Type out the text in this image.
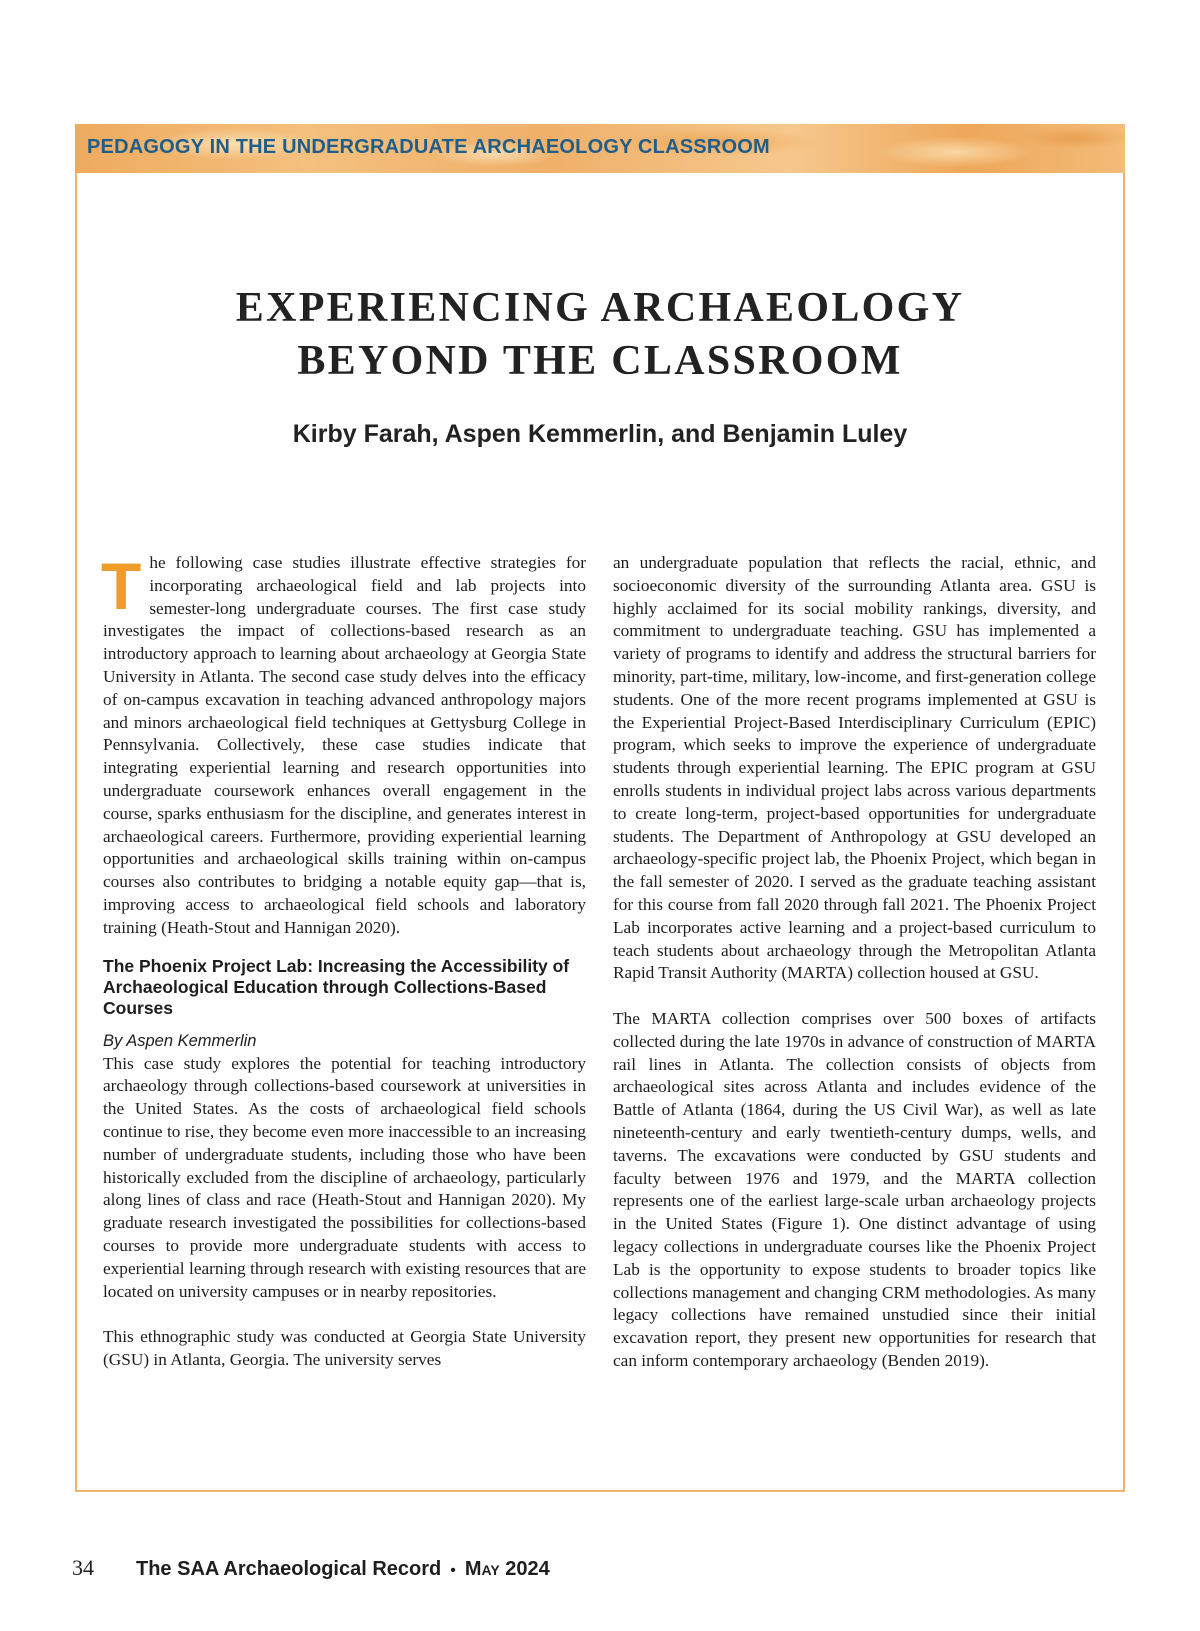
PEDAGOGY IN THE UNDERGRADUATE ARCHAEOLOGY CLASSROOM
EXPERIENCING ARCHAEOLOGY
BEYOND THE CLASSROOM
Kirby Farah, Aspen Kemmerlin, and Benjamin Luley

The following case studies illustrate effective strategies for incorporating archaeological field and lab projects into semester-long undergraduate courses. The first case study investigates the impact of collections-based research as an introductory approach to learning about archaeology at Georgia State University in Atlanta. The second case study delves into the efficacy of on-campus excavation in teaching advanced anthropology majors and minors archaeological field techniques at Gettysburg College in Pennsylvania. Collectively, these case studies indicate that integrating experiential learning and research opportunities into undergraduate coursework enhances overall engagement in the course, sparks enthusiasm for the discipline, and generates interest in archaeological careers. Furthermore, providing experiential learning opportunities and archaeological skills training within on-campus courses also contributes to bridging a notable equity gap—that is, improving access to archaeological field schools and laboratory training (Heath-Stout and Hannigan 2020).

The Phoenix Project Lab: Increasing the Accessibility of Archaeological Education through Collections-Based Courses
By Aspen Kemmerlin

This case study explores the potential for teaching introductory archaeology through collections-based coursework at universities in the United States. As the costs of archaeological field schools continue to rise, they become even more inaccessible to an increasing number of undergraduate students, including those who have been historically excluded from the discipline of archaeology, particularly along lines of class and race (Heath-Stout and Hannigan 2020). My graduate research investigated the possibilities for collections-based courses to provide more undergraduate students with access to experiential learning through research with existing resources that are located on university campuses or in nearby repositories.

This ethnographic study was conducted at Georgia State University (GSU) in Atlanta, Georgia. The university serves

an undergraduate population that reflects the racial, ethnic, and socioeconomic diversity of the surrounding Atlanta area. GSU is highly acclaimed for its social mobility rankings, diversity, and commitment to undergraduate teaching. GSU has implemented a variety of programs to identify and address the structural barriers for minority, part-time, military, low-income, and first-generation college students. One of the more recent programs implemented at GSU is the Experiential Project-Based Interdisciplinary Curriculum (EPIC) program, which seeks to improve the experience of undergraduate students through experiential learning. The EPIC program at GSU enrolls students in individual project labs across various departments to create long-term, project-based opportunities for undergraduate students. The Department of Anthropology at GSU developed an archaeology-specific project lab, the Phoenix Project, which began in the fall semester of 2020. I served as the graduate teaching assistant for this course from fall 2020 through fall 2021. The Phoenix Project Lab incorporates active learning and a project-based curriculum to teach students about archaeology through the Metropolitan Atlanta Rapid Transit Authority (MARTA) collection housed at GSU.

The MARTA collection comprises over 500 boxes of artifacts collected during the late 1970s in advance of construction of MARTA rail lines in Atlanta. The collection consists of objects from archaeological sites across Atlanta and includes evidence of the Battle of Atlanta (1864, during the US Civil War), as well as late nineteenth-century and early twentieth-century dumps, wells, and taverns. The excavations were conducted by GSU students and faculty between 1976 and 1979, and the MARTA collection represents one of the earliest large-scale urban archaeology projects in the United States (Figure 1). One distinct advantage of using legacy collections in undergraduate courses like the Phoenix Project Lab is the opportunity to expose students to broader topics like collections management and changing CRM methodologies. As many legacy collections have remained unstudied since their initial excavation report, they present new opportunities for research that can inform contemporary archaeology (Benden 2019).

34 The SAA Archaeological Record • May 2024
